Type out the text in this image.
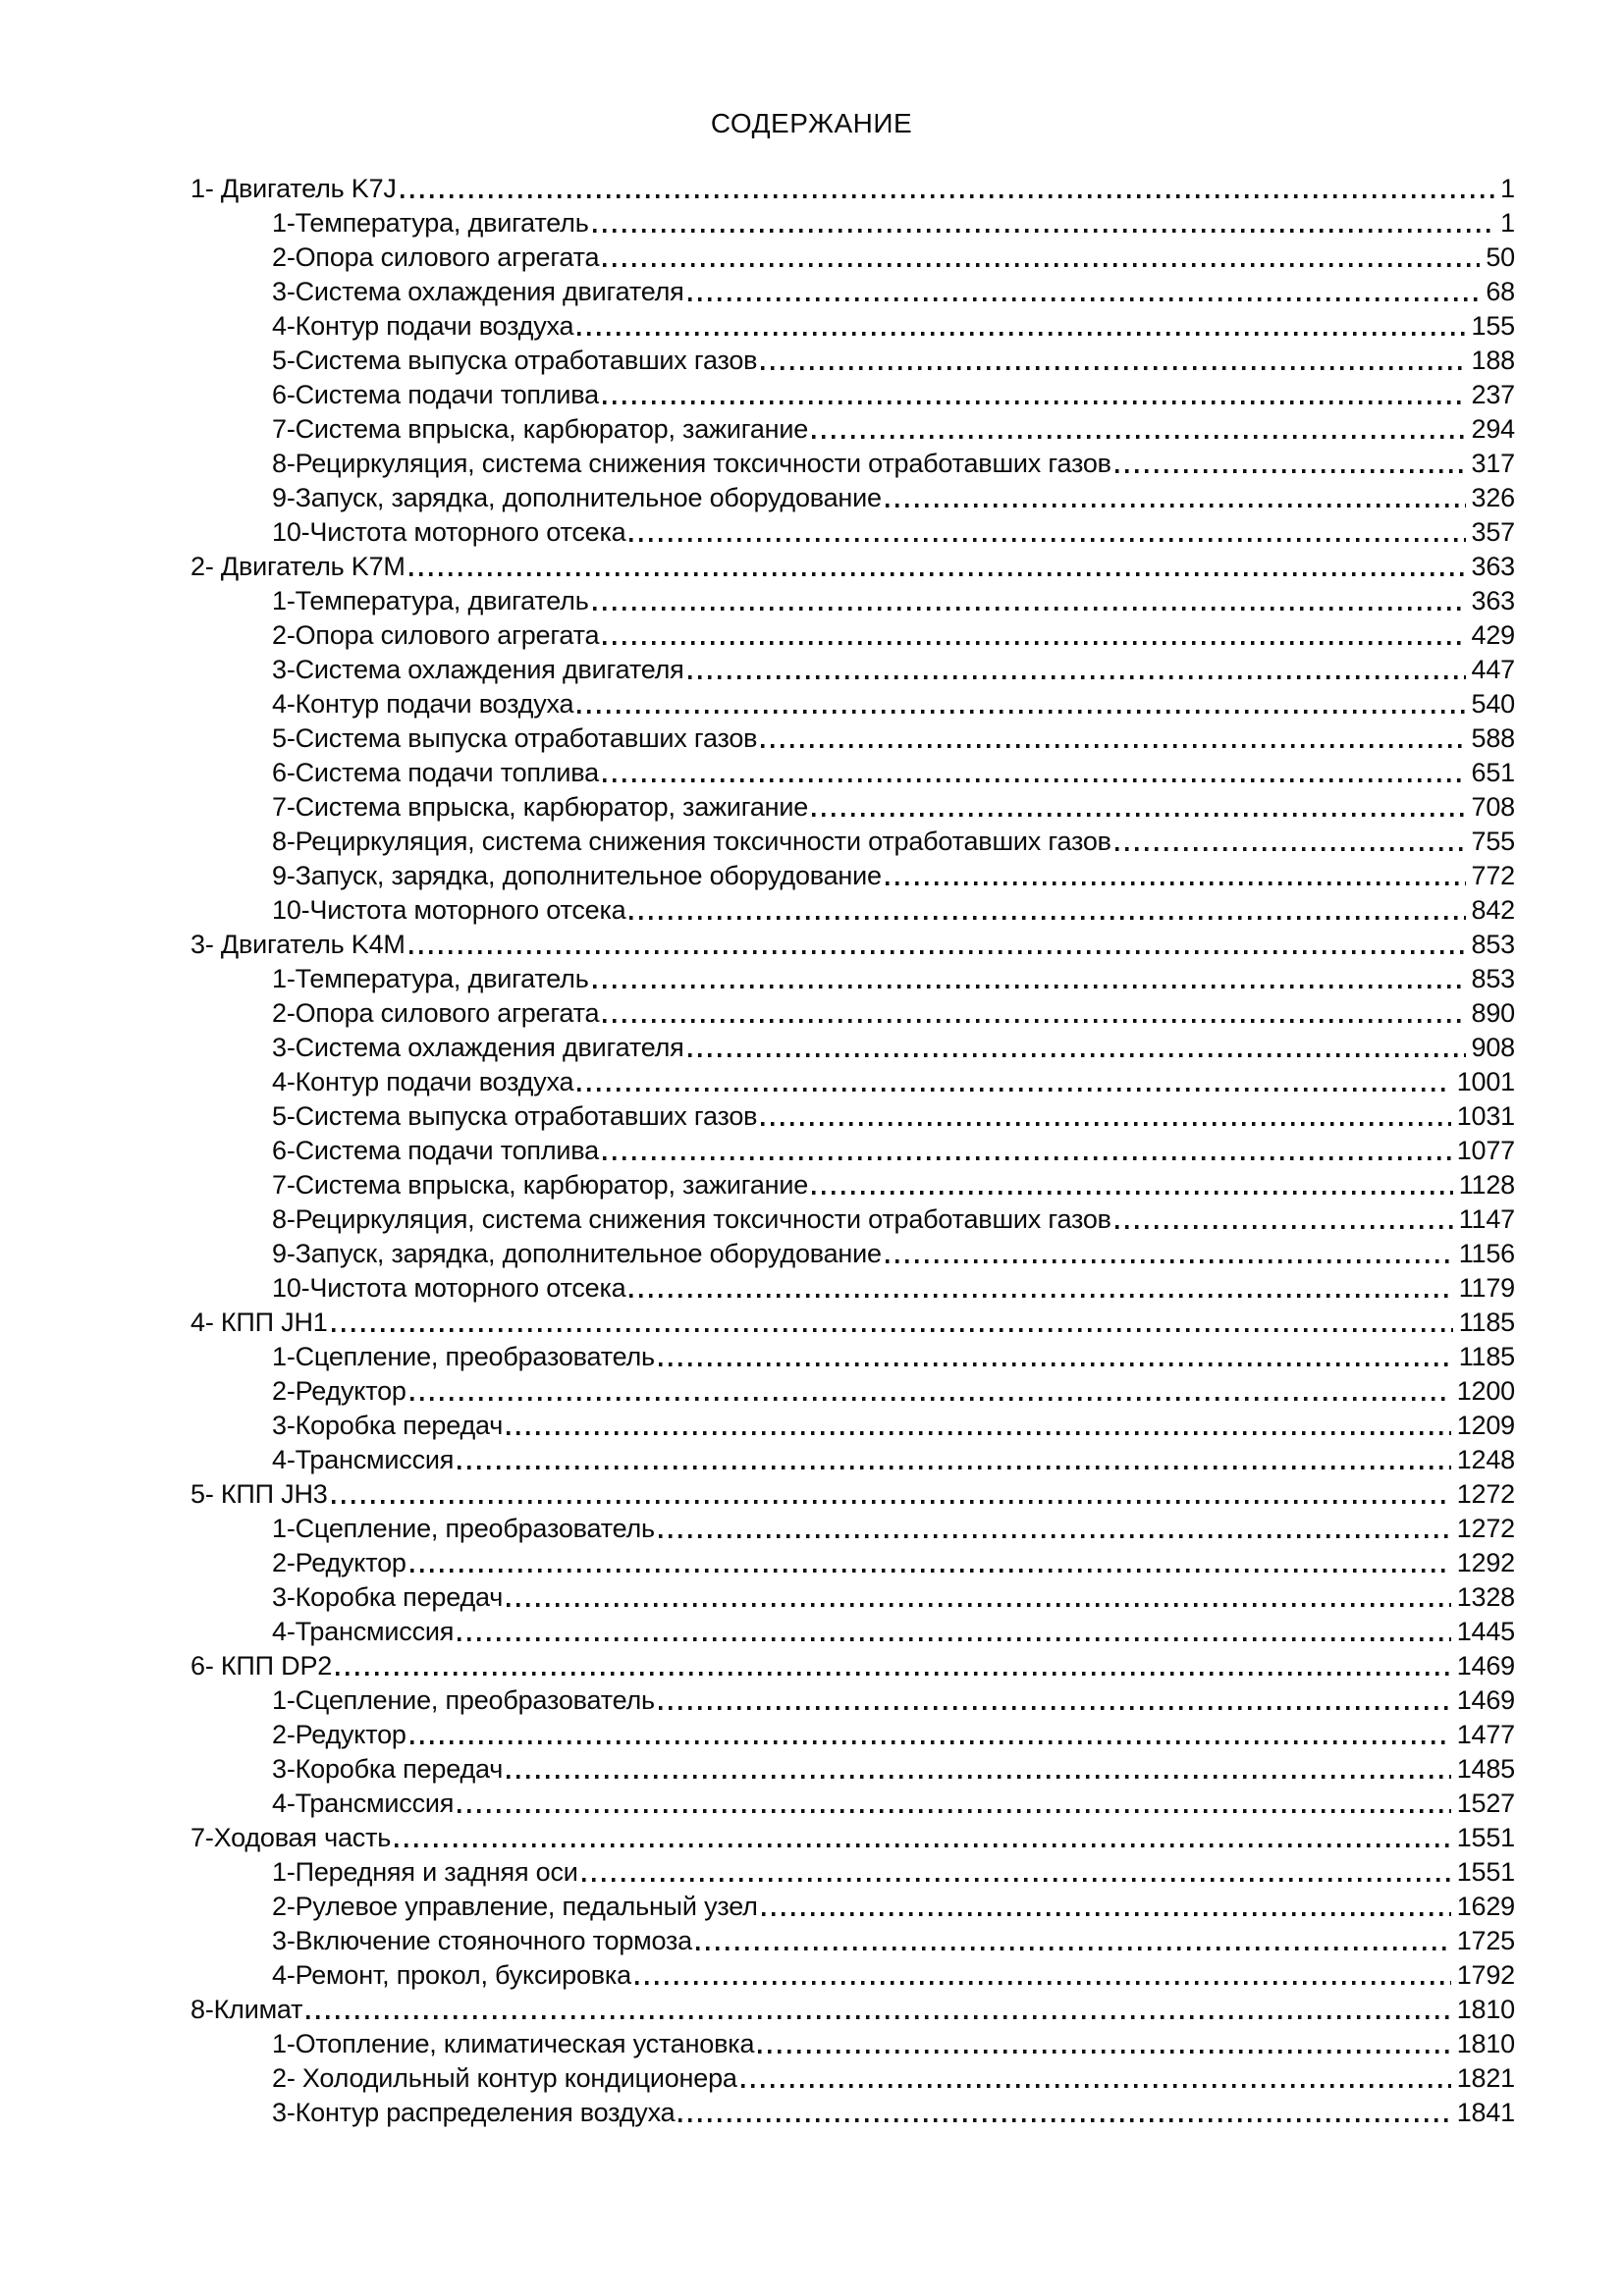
СОДЕРЖАНИЕ
1- Двигатель K7J	1
1-Температура, двигатель	1
2-Опора силового агрегата	50
3-Система охлаждения двигателя	68
4-Контур подачи воздуха	155
5-Система выпуска отработавших газов	188
6-Система подачи топлива	237
7-Система впрыска, карбюратор, зажигание	294
8-Рециркуляция, система снижения токсичности отработавших газов	317
9-Запуск, зарядка, дополнительное оборудование	326
10-Чистота моторного отсека	357
2- Двигатель K7M	363
1-Температура, двигатель	363
2-Опора силового агрегата	429
3-Система охлаждения двигателя	447
4-Контур подачи воздуха	540
5-Система выпуска отработавших газов	588
6-Система подачи топлива	651
7-Система впрыска, карбюратор, зажигание	708
8-Рециркуляция, система снижения токсичности отработавших газов	755
9-Запуск, зарядка, дополнительное оборудование	772
10-Чистота моторного отсека	842
3- Двигатель K4M	853
1-Температура, двигатель	853
2-Опора силового агрегата	890
3-Система охлаждения двигателя	908
4-Контур подачи воздуха	1001
5-Система выпуска отработавших газов	1031
6-Система подачи топлива	1077
7-Система впрыска, карбюратор, зажигание	1128
8-Рециркуляция, система снижения токсичности отработавших газов	1147
9-Запуск, зарядка, дополнительное оборудование	1156
10-Чистота моторного отсека	1179
4- КПП JH1	1185
1-Сцепление, преобразователь	1185
2-Редуктор	1200
3-Коробка передач	1209
4-Трансмиссия	1248
5- КПП JH3	1272
1-Сцепление, преобразователь	1272
2-Редуктор	1292
3-Коробка передач	1328
4-Трансмиссия	1445
6- КПП DP2	1469
1-Сцепление, преобразователь	1469
2-Редуктор	1477
3-Коробка передач	1485
4-Трансмиссия	1527
7-Ходовая часть	1551
1-Передняя и задняя оси	1551
2-Рулевое управление, педальный узел	1629
3-Включение стояночного тормоза	1725
4-Ремонт, прокол, буксировка	1792
8-Климат	1810
1-Отопление, климатическая установка	1810
2- Холодильный контур кондиционера	1821
3-Контур распределения воздуха	1841
